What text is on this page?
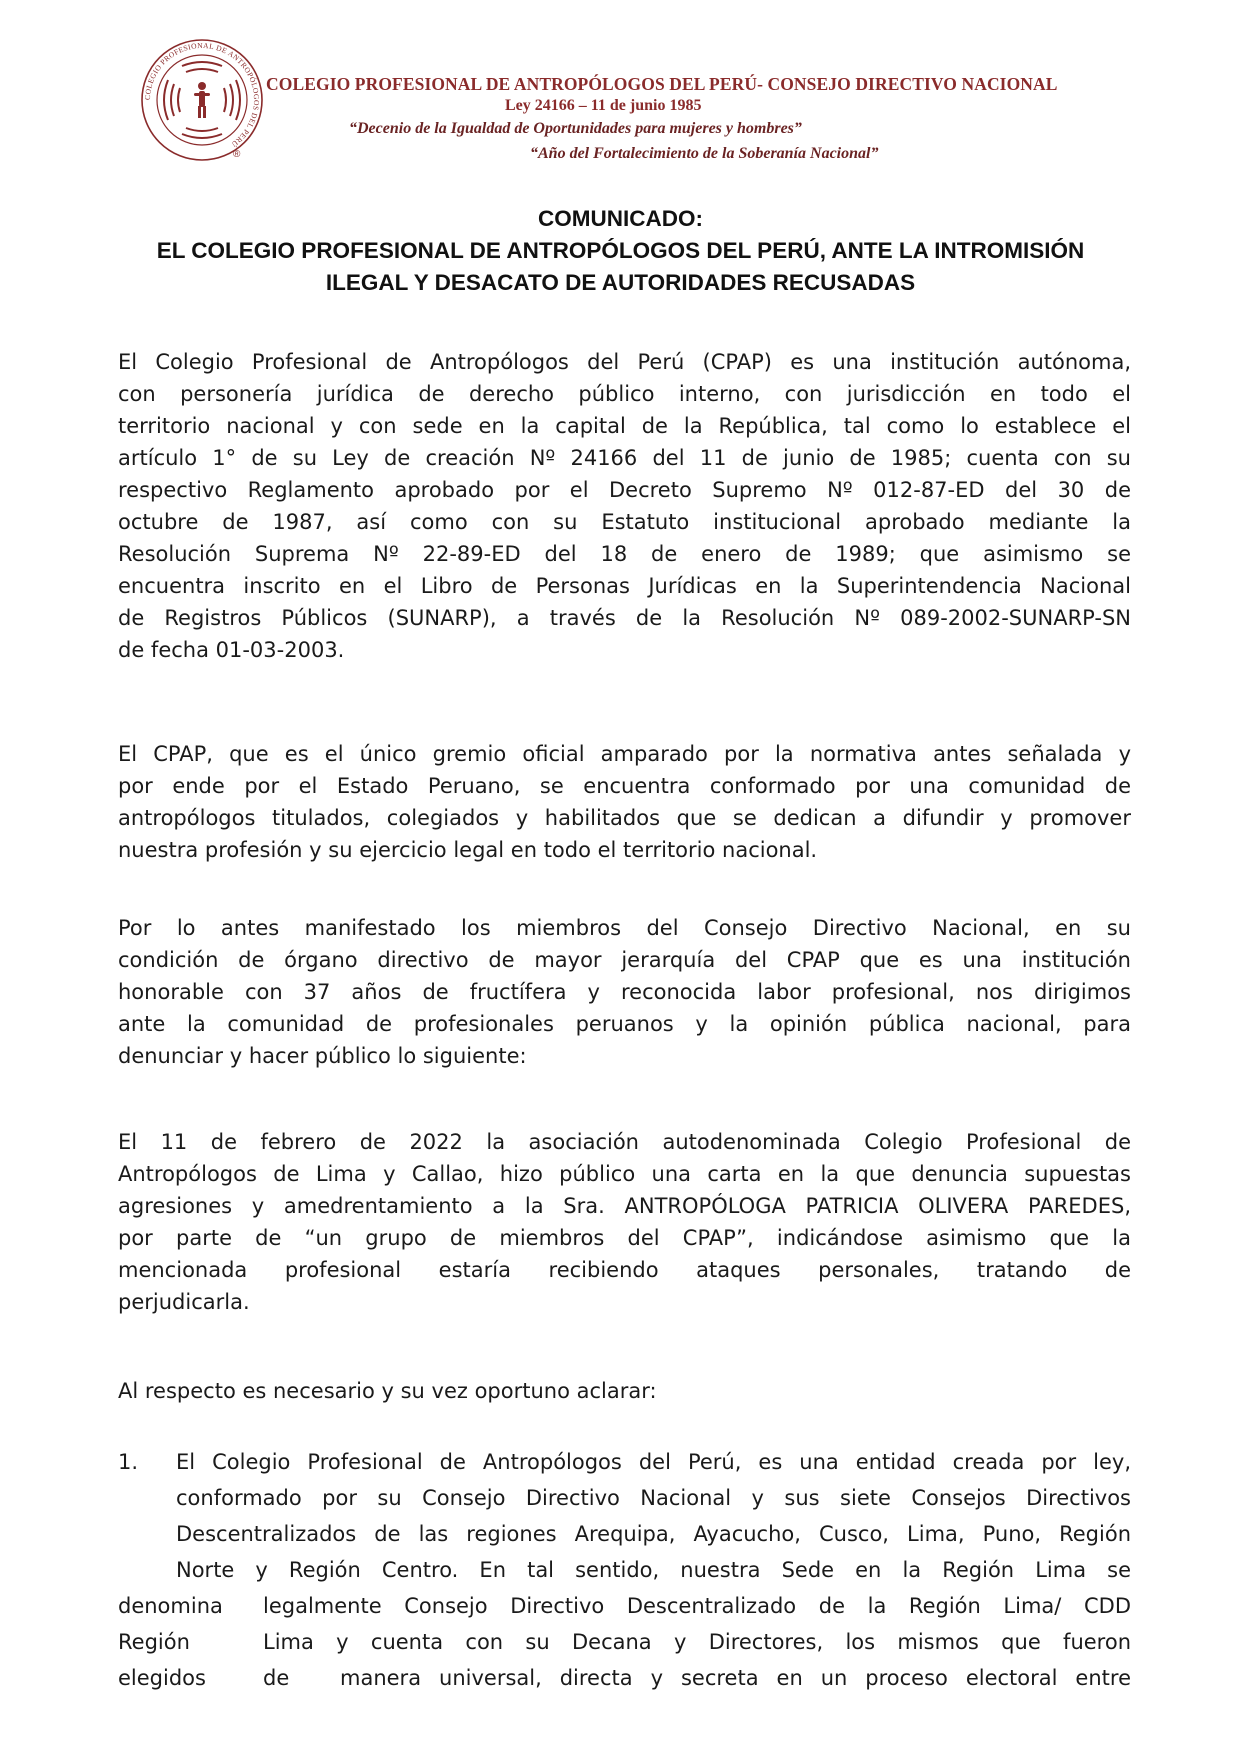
COLEGIO PROFESIONAL DE ANTROPÓLOGOS DEL PERÚ
®
COLEGIO PROFESIONAL DE ANTROPÓLOGOS DEL PERÚ- CONSEJO DIRECTIVO NACIONAL
Ley 24166 – 11 de junio 1985
“Decenio de la Igualdad de Oportunidades para mujeres y hombres”
“Año del Fortalecimiento de la Soberanía Nacional”
COMUNICADO:
EL COLEGIO PROFESIONAL DE ANTROPÓLOGOS DEL PERÚ, ANTE LA INTROMISIÓN
ILEGAL Y DESACATO DE AUTORIDADES RECUSADAS
El Colegio Profesional de Antropólogos del Perú (CPAP) es una institución autónoma,
con personería jurídica de derecho público interno, con jurisdicción en todo el
territorio nacional y con sede en la capital de la República, tal como lo establece el
artículo 1° de su Ley de creación Nº 24166 del 11 de junio de 1985; cuenta con su
respectivo Reglamento aprobado por el Decreto Supremo Nº 012-87-ED del 30 de
octubre de 1987, así como con su Estatuto institucional aprobado mediante la
Resolución Suprema Nº 22-89-ED del 18 de enero de 1989; que asimismo se
encuentra inscrito en el Libro de Personas Jurídicas en la Superintendencia Nacional
de Registros Públicos (SUNARP), a través de la Resolución Nº 089-2002-SUNARP-SN
de fecha 01-03-2003.
El CPAP, que es el único gremio oficial amparado por la normativa antes señalada y
por ende por el Estado Peruano, se encuentra conformado por una comunidad de
antropólogos titulados, colegiados y habilitados que se dedican a difundir y promover
nuestra profesión y su ejercicio legal en todo el territorio nacional.
Por lo antes manifestado los miembros del Consejo Directivo Nacional, en su
condición de órgano directivo de mayor jerarquía del CPAP que es una institución
honorable con 37 años de fructífera y reconocida labor profesional, nos dirigimos
ante la comunidad de profesionales peruanos y la opinión pública nacional, para
denunciar y hacer público lo siguiente:
El 11 de febrero de 2022 la asociación autodenominada Colegio Profesional de
Antropólogos de Lima y Callao, hizo público una carta en la que denuncia supuestas
agresiones y amedrentamiento a la Sra. ANTROPÓLOGA PATRICIA OLIVERA PAREDES,
por parte de “un grupo de miembros del CPAP”, indicándose asimismo que la
mencionada profesional estaría recibiendo ataques personales, tratando de
perjudicarla.
Al respecto es necesario y su vez oportuno aclarar:
1. El Colegio Profesional de Antropólogos del Perú, es una entidad creada por ley,
conformado por su Consejo Directivo Nacional y sus siete Consejos Directivos
Descentralizados de las regiones Arequipa, Ayacucho, Cusco, Lima, Puno, Región
Norte y Región Centro. En tal sentido, nuestra Sede en la Región Lima se
denomina legalmente Consejo Directivo Descentralizado de la Región Lima/ CDD
Región	Lima y cuenta con su Decana y Directores, los mismos que fueron
elegidos	de manera universal, directa y secreta en un proceso electoral entre
